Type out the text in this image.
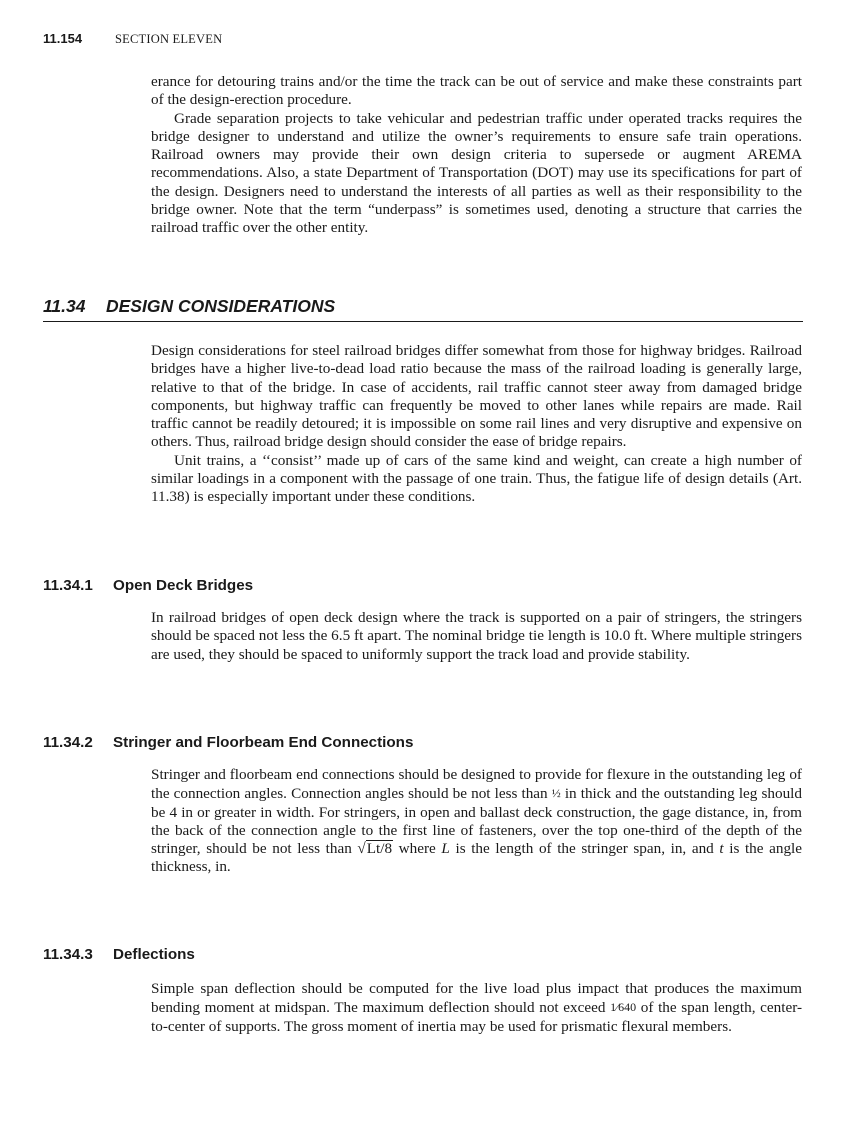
11.154	SECTION ELEVEN

erance for detouring trains and/or the time the track can be out of service and make these constraints part of the design-erection procedure.

Grade separation projects to take vehicular and pedestrian traffic under operated tracks requires the bridge designer to understand and utilize the owner’s requirements to ensure safe train operations. Railroad owners may provide their own design criteria to supersede or augment AREMA recommendations. Also, a state Department of Transportation (DOT) may use its specifications for part of the design. Designers need to understand the interests of all parties as well as their responsibility to the bridge owner. Note that the term “underpass” is sometimes used, denoting a structure that carries the railroad traffic over the other entity.

11.34 DESIGN CONSIDERATIONS

Design considerations for steel railroad bridges differ somewhat from those for highway bridges. Railroad bridges have a higher live-to-dead load ratio because the mass of the railroad loading is generally large, relative to that of the bridge. In case of accidents, rail traffic cannot steer away from damaged bridge components, but highway traffic can frequently be moved to other lanes while repairs are made. Rail traffic cannot be readily detoured; it is impossible on some rail lines and very disruptive and expensive on others. Thus, railroad bridge design should consider the ease of bridge repairs.

Unit trains, a ‘‘consist’’ made up of cars of the same kind and weight, can create a high number of similar loadings in a component with the passage of one train. Thus, the fatigue life of design details (Art. 11.38) is especially important under these conditions.

11.34.1 Open Deck Bridges

In railroad bridges of open deck design where the track is supported on a pair of stringers, the stringers should be spaced not less the 6.5 ft apart. The nominal bridge tie length is 10.0 ft. Where multiple stringers are used, they should be spaced to uniformly support the track load and provide stability.

11.34.2 Stringer and Floorbeam End Connections

Stringer and floorbeam end connections should be designed to provide for flexure in the outstanding leg of the connection angles. Connection angles should be not less than ½ in thick and the outstanding leg should be 4 in or greater in width. For stringers, in open and ballast deck construction, the gage distance, in, from the back of the connection angle to the first line of fasteners, over the top one-third of the depth of the stringer, should be not less than √Lt/8 where L is the length of the stringer span, in, and t is the angle thickness, in.

11.34.3 Deflections

Simple span deflection should be computed for the live load plus impact that produces the maximum bending moment at midspan. The maximum deflection should not exceed 1⁄640 of the span length, center-to-center of supports. The gross moment of inertia may be used for prismatic flexural members.
